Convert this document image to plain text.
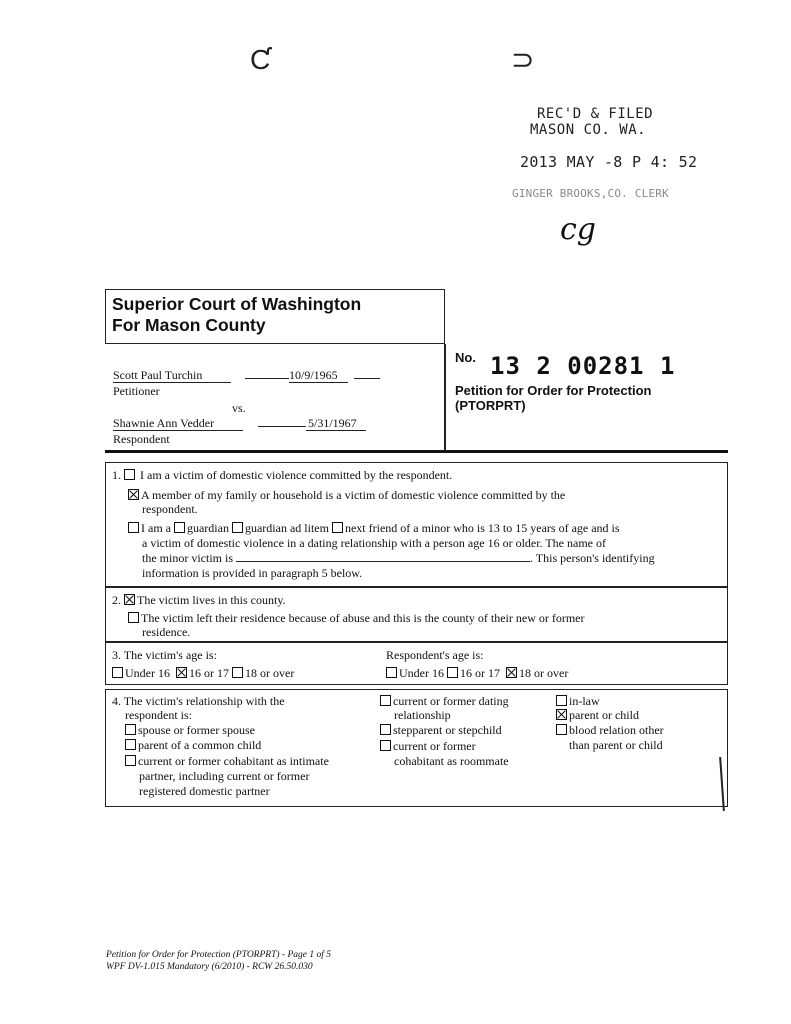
Ƈ	⊃
REC'D & FILED
MASON CO. WA.
2013 MAY -8 P 4: 52
GINGER BROOKS,CO. CLERK
cg
Superior Court of Washington
For Mason County
Scott Paul Turchin	10/9/1965
Petitioner
vs.
Shawnie Ann Vedder	5/31/1967
Respondent
No. 13 2 00281 1
Petition for Order for Protection
(PTORPRT)
1. I am a victim of domestic violence committed by the respondent.
A member of my family or household is a victim of domestic violence committed by the
respondent.
I am a guardian guardian ad litem next friend of a minor who is 13 to 15 years of age and is
a victim of domestic violence in a dating relationship with a person age 16 or older. The name of
the minor victim is	. This person's identifying
information is provided in paragraph 5 below.
2. The victim lives in this county.
The victim left their residence because of abuse and this is the county of their new or former
residence.
3. The victim's age is:
Under 16 16 or 17 18 or over
Respondent's age is:
Under 16 16 or 17 18 or over
4. The victim's relationship with the
respondent is:
spouse or former spouse
parent of a common child
current or former cohabitant as intimate
partner, including current or former
registered domestic partner
current or former dating
relationship
stepparent or stepchild
current or former
cohabitant as roommate
in-law
parent or child
blood relation other
than parent or child
Petition for Order for Protection (PTORPRT) - Page 1 of 5
WPF DV-1.015 Mandatory (6/2010) - RCW 26.50.030
